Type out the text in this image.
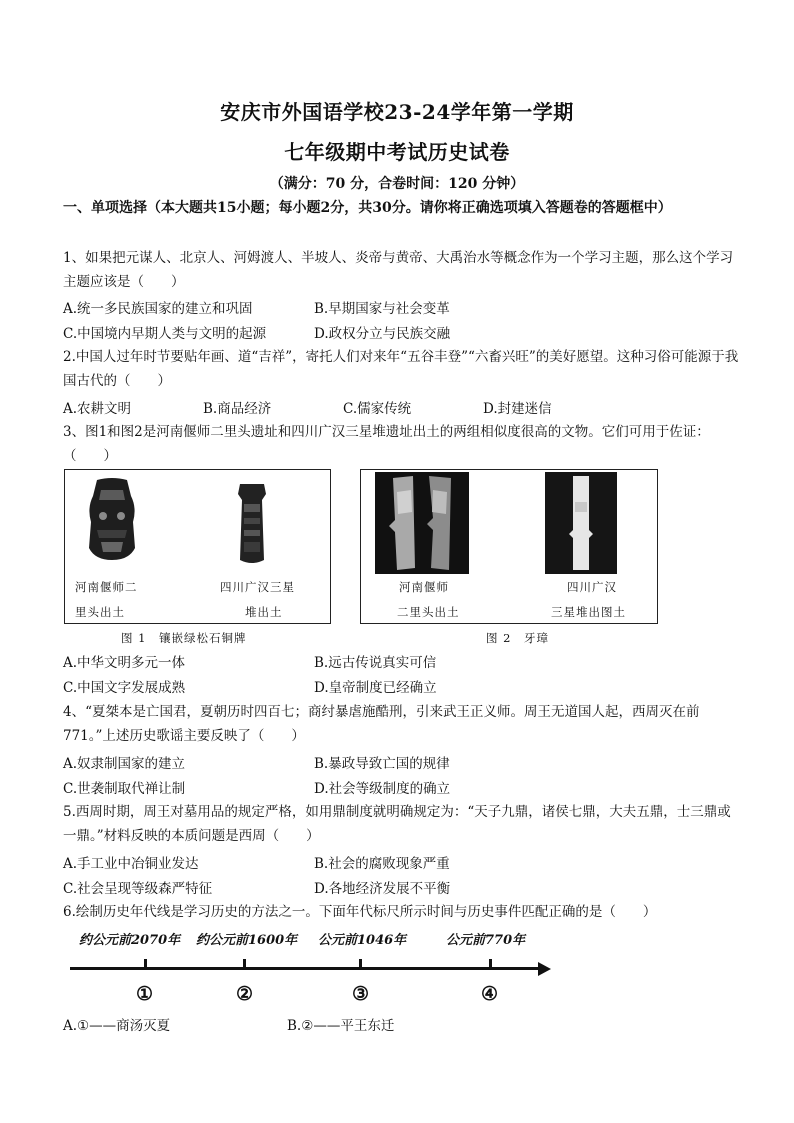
安庆市外国语学校23-24学年第一学期
七年级期中考试历史试卷
（满分：70 分，合卷时间：120 分钟）
一、单项选择（本大题共15小题；每小题2分，共30分。请你将正确选项填入答题卷的答题框中）
1、如果把元谋人、北京人、河姆渡人、半坡人、炎帝与黄帝、大禹治水等概念作为一个学习主题，那么这个学习主题应该是（　　）
A.统一多民族国家的建立和巩固	B.早期国家与社会变革
C.中国境内早期人类与文明的起源	D.政权分立与民族交融
2.中国人过年时节要贴年画、道“吉祥”，寄托人们对来年“五谷丰登”“六畜兴旺”的美好愿望。这种习俗可能源于我国古代的（　　）
A.农耕文明	B.商品经济	C.儒家传统	D.封建迷信
3、图1和图2是河南偃师二里头遗址和四川广汉三星堆遗址出土的两组相似度很高的文物。它们可用于佐证：（　　）
河南偃师二
里头出土
四川广汉三星
堆出土
图 1　镶嵌绿松石铜牌
河南偃师
二里头出土
四川广汉
三星堆出图土
图 2　牙璋
A.中华文明多元一体	B.远古传说真实可信
C.中国文字发展成熟	D.皇帝制度已经确立
4、“夏桀本是亡国君，夏朝历时四百七；商纣暴虐施酷刑，引来武王正义师。周王无道国人起，西周灭在前771。”上述历史歌谣主要反映了（　　）
A.奴隶制国家的建立	B.暴政导致亡国的规律
C.世袭制取代禅让制	D.社会等级制度的确立
5.西周时期，周王对墓用品的规定严格，如用鼎制度就明确规定为：“天子九鼎，诸侯七鼎，大夫五鼎，士三鼎或一鼎。”材料反映的本质问题是西周（　　）
A.手工业中冶铜业发达	B.社会的腐败现象严重
C.社会呈现等级森严特征	D.各地经济发展不平衡
6.绘制历史年代线是学习历史的方法之一。下面年代标尺所示时间与历史事件匹配正确的是（　　）
约公元前2070年 约公元前1600年 公元前1046年	公元前770年
①	②	③	④
A.①——商汤灭夏	B.②——平王东迁
